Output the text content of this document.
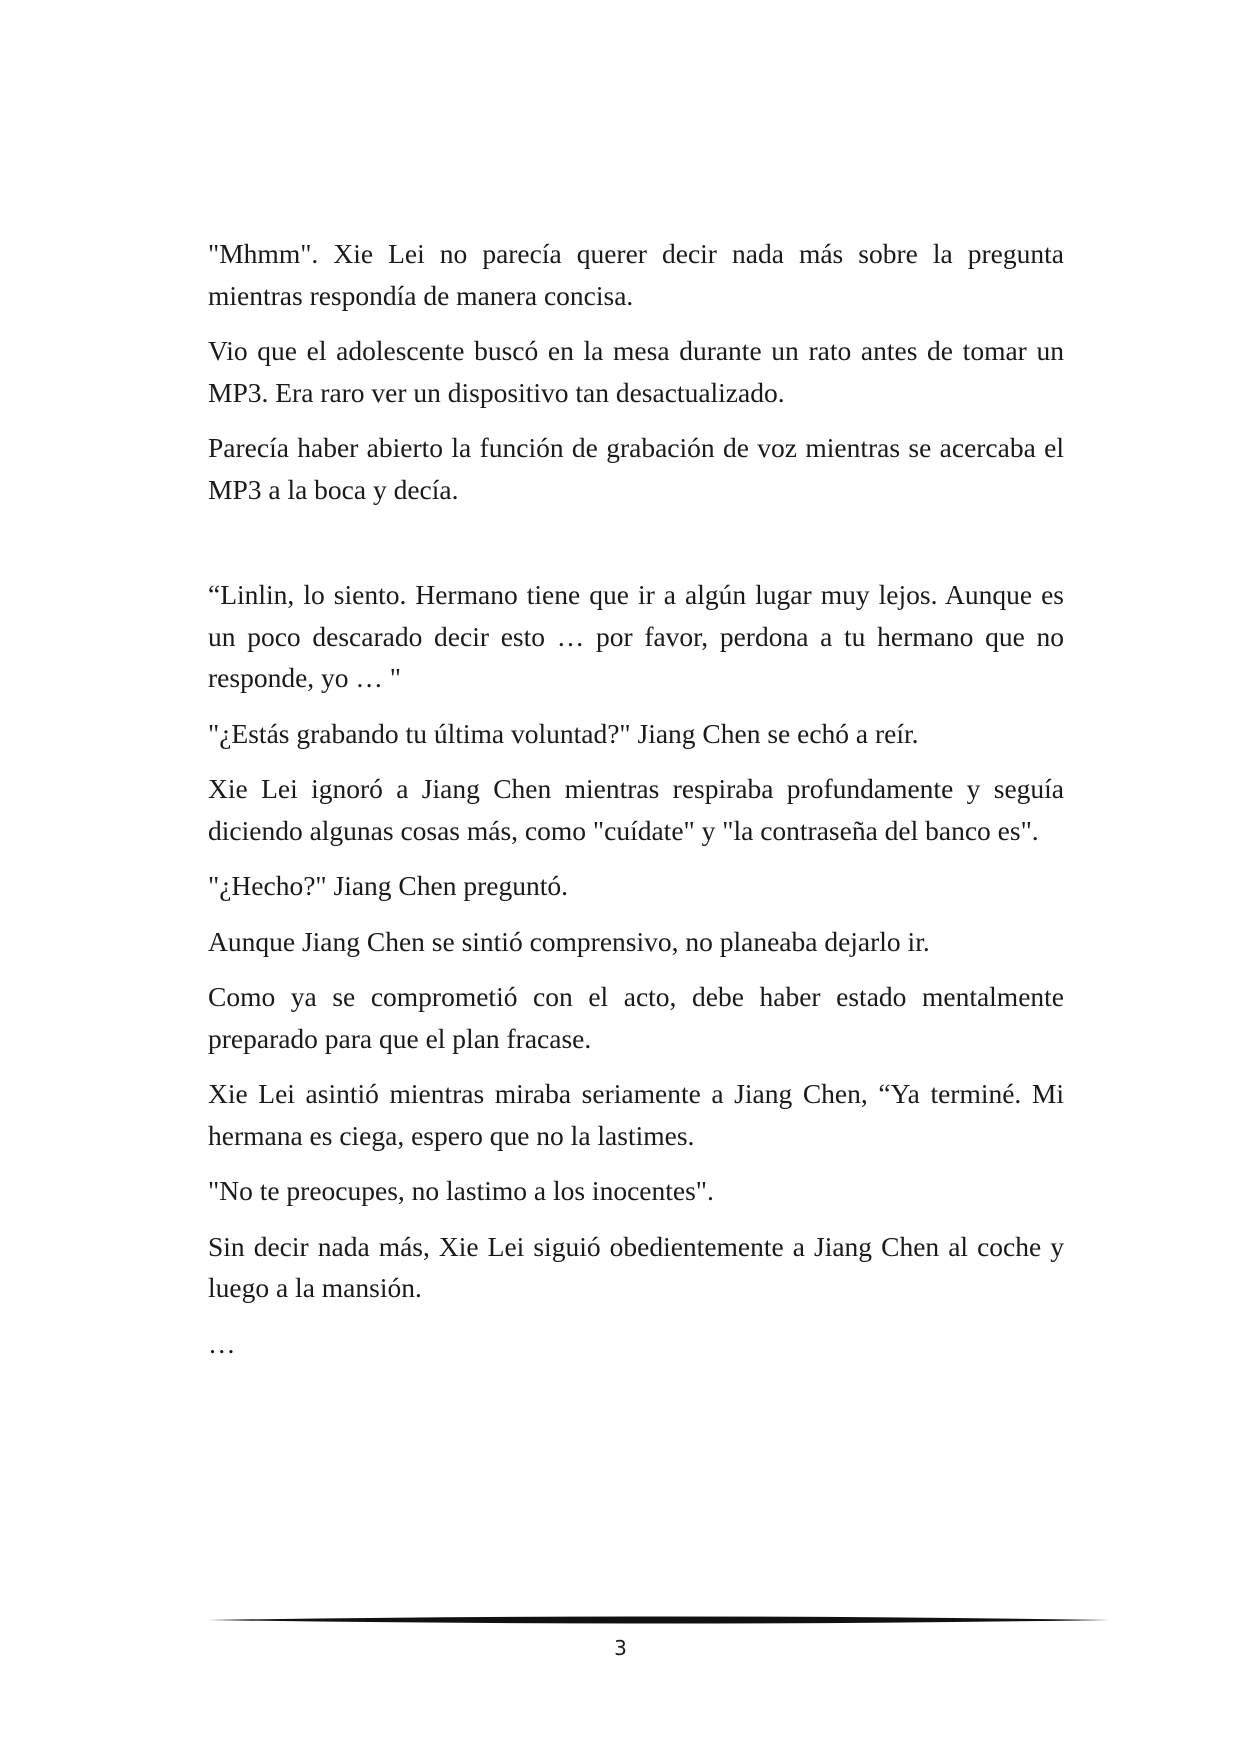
"Mhmm". Xie Lei no parecía querer decir nada más sobre la pregunta mientras respondía de manera concisa.

Vio que el adolescente buscó en la mesa durante un rato antes de tomar un MP3. Era raro ver un dispositivo tan desactualizado.

Parecía haber abierto la función de grabación de voz mientras se acercaba el MP3 a la boca y decía.

“Linlin, lo siento. Hermano tiene que ir a algún lugar muy lejos. Aunque es un poco descarado decir esto … por favor, perdona a tu hermano que no responde, yo … "

"¿Estás grabando tu última voluntad?" Jiang Chen se echó a reír.

Xie Lei ignoró a Jiang Chen mientras respiraba profundamente y seguía diciendo algunas cosas más, como "cuídate" y "la contraseña del banco es".

"¿Hecho?" Jiang Chen preguntó.

Aunque Jiang Chen se sintió comprensivo, no planeaba dejarlo ir.

Como ya se comprometió con el acto, debe haber estado mentalmente preparado para que el plan fracase.

Xie Lei asintió mientras miraba seriamente a Jiang Chen, “Ya terminé. Mi hermana es ciega, espero que no la lastimes.

"No te preocupes, no lastimo a los inocentes".

Sin decir nada más, Xie Lei siguió obedientemente a Jiang Chen al coche y luego a la mansión.

…

3
